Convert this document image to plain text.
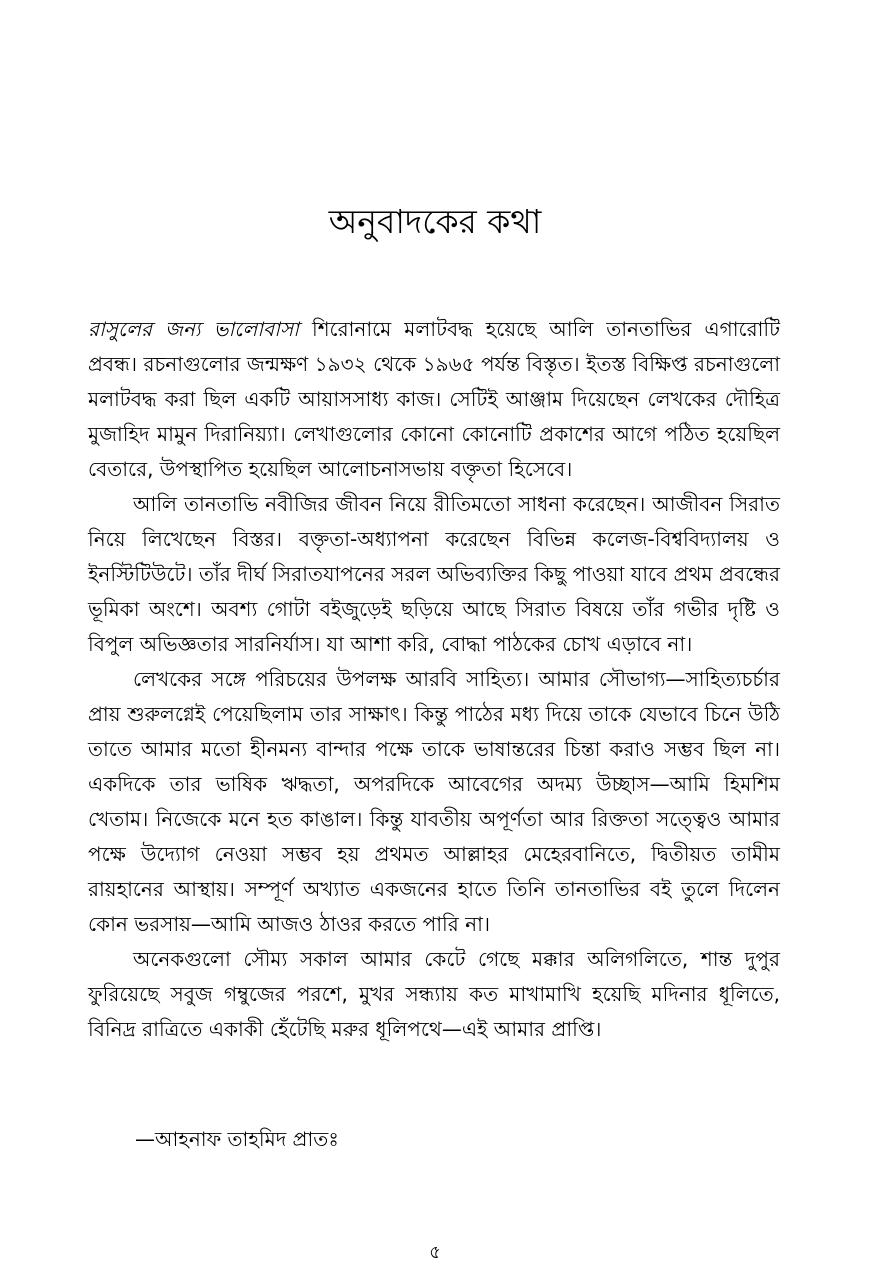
অনুবাদকের কথা

রাসুলের জন্য ভালোবাসা শিরোনামে মলাটবদ্ধ হয়েছে আলি তানতাভির এগারোটি প্রবন্ধ। রচনাগুলোর জন্মক্ষণ ১৯৩২ থেকে ১৯৬৫ পর্যন্ত বিস্তৃত। ইতস্ত বিক্ষিপ্ত রচনাগুলো মলাটবদ্ধ করা ছিল একটি আয়াসসাধ্য কাজ। সেটিই আঞ্জাম দিয়েছেন লেখকের দৌহিত্র মুজাহিদ মামুন দিরানিয়্যা। লেখাগুলোর কোনো কোনোটি প্রকাশের আগে পঠিত হয়েছিল বেতারে, উপস্থাপিত হয়েছিল আলোচনাসভায় বক্তৃতা হিসেবে।

আলি তানতাভি নবীজির জীবন নিয়ে রীতিমতো সাধনা করেছেন। আজীবন সিরাত নিয়ে লিখেছেন বিস্তর। বক্তৃতা-অধ্যাপনা করেছেন বিভিন্ন কলেজ-বিশ্ববিদ্যালয় ও ইনস্টিটিউটে। তাঁর দীর্ঘ সিরাতযাপনের সরল অভিব্যক্তির কিছু পাওয়া যাবে প্রথম প্রবন্ধের ভূমিকা অংশে। অবশ্য গোটা বইজুড়েই ছড়িয়ে আছে সিরাত বিষয়ে তাঁর গভীর দৃষ্টি ও বিপুল অভিজ্ঞতার সারনির্যাস। যা আশা করি, বোদ্ধা পাঠকের চোখ এড়াবে না।

লেখকের সঙ্গে পরিচয়ের উপলক্ষ আরবি সাহিত্য। আমার সৌভাগ্য—সাহিত্যচর্চার প্রায় শুরুলগ্নেই পেয়েছিলাম তার সাক্ষাৎ। কিন্তু পাঠের মধ্য দিয়ে তাকে যেভাবে চিনে উঠি তাতে আমার মতো হীনমন্য বান্দার পক্ষে তাকে ভাষান্তরের চিন্তা করাও সম্ভব ছিল না। একদিকে তার ভাষিক ঋদ্ধতা, অপরদিকে আবেগের অদম্য উচ্ছাস—আমি হিমশিম খেতাম। নিজেকে মনে হত কাঙাল। কিন্তু যাবতীয় অপূর্ণতা আর রিক্ততা সত্ত্বেও আমার পক্ষে উদ্যোগ নেওয়া সম্ভব হয় প্রথমত আল্লাহর মেহেরবানিতে, দ্বিতীয়ত তামীম রায়হানের আস্থায়। সম্পূর্ণ অখ্যাত একজনের হাতে তিনি তানতাভির বই তুলে দিলেন কোন ভরসায়—আমি আজও ঠাওর করতে পারি না।

অনেকগুলো সৌম্য সকাল আমার কেটে গেছে মক্কার অলিগলিতে, শান্ত দুপুর ফুরিয়েছে সবুজ গম্বুজের পরশে, মুখর সন্ধ্যায় কত মাখামাখি হয়েছি মদিনার ধূলিতে, বিনিদ্র রাত্রিতে একাকী হেঁটেছি মরুর ধূলিপথে—এই আমার প্রাপ্তি।

—আহনাফ তাহমিদ প্রাতঃ

৫
